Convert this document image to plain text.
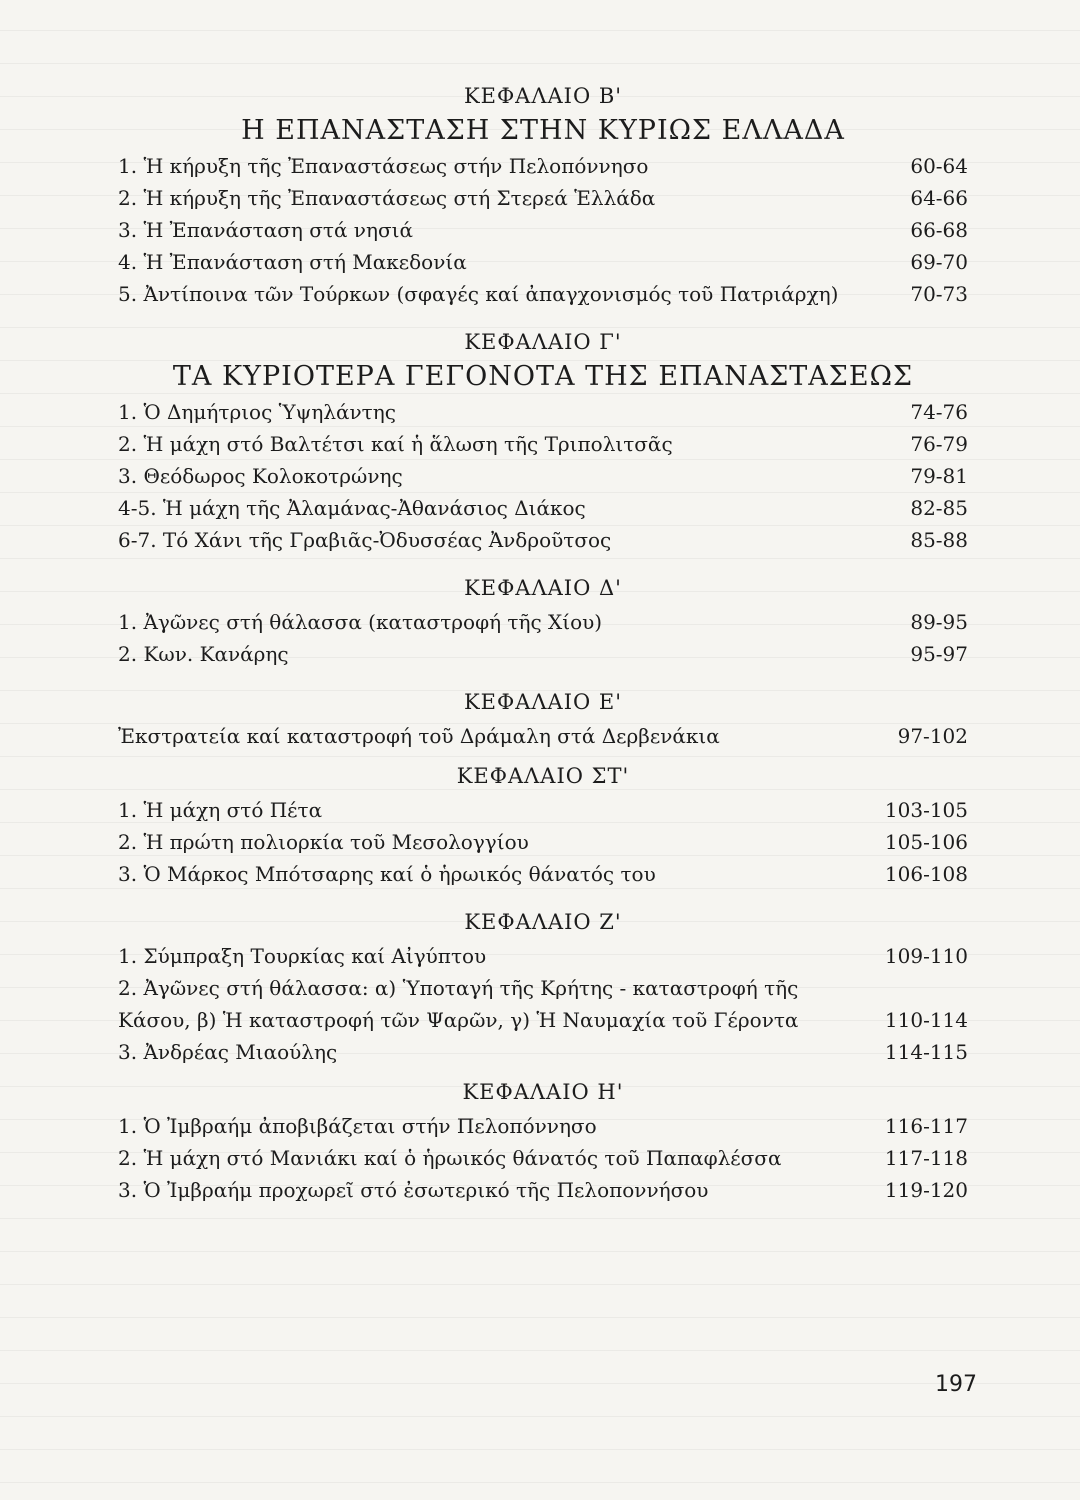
ΚΕΦΑΛΑΙΟ Β'
Η ΕΠΑΝΑΣΤΑΣΗ ΣΤΗΝ ΚΥΡΙΩΣ ΕΛΛΑΔΑ
1. Ἡ κήρυξη τῆς Ἐπαναστάσεως στήν Πελοπόννησο	60-64
2. Ἡ κήρυξη τῆς Ἐπαναστάσεως στή Στερεά Ἑλλάδα	64-66
3. Ἡ Ἐπανάσταση στά νησιά	66-68
4. Ἡ Ἐπανάσταση στή Μακεδονία	69-70
5. Ἀντίποινα τῶν Τούρκων (σφαγές καί ἀπαγχονισμός τοῦ Πατριάρχη)	70-73
ΚΕΦΑΛΑΙΟ Γ'
ΤΑ ΚΥΡΙΟΤΕΡΑ ΓΕΓΟΝΟΤΑ ΤΗΣ ΕΠΑΝΑΣΤΑΣΕΩΣ
1. Ὁ Δημήτριος Ὑψηλάντης	74-76
2. Ἡ μάχη στό Βαλτέτσι καί ἡ ἅλωση τῆς Τριπολιτσᾶς	76-79
3. Θεόδωρος Κολοκοτρώνης	79-81
4-5. Ἡ μάχη τῆς Ἀλαμάνας-Ἀθανάσιος Διάκος	82-85
6-7. Τό Χάνι τῆς Γραβιᾶς-Ὀδυσσέας Ἀνδροῦτσος	85-88
ΚΕΦΑΛΑΙΟ Δ'
1. Ἀγῶνες στή θάλασσα (καταστροφή τῆς Χίου)	89-95
2. Κων. Κανάρης	95-97
ΚΕΦΑΛΑΙΟ Ε'
Ἐκστρατεία καί καταστροφή τοῦ Δράμαλη στά Δερβενάκια	97-102
ΚΕΦΑΛΑΙΟ ΣΤ'
1. Ἡ μάχη στό Πέτα	103-105
2. Ἡ πρώτη πολιορκία τοῦ Μεσολογγίου	105-106
3. Ὁ Μάρκος Μπότσαρης καί ὁ ἡρωικός θάνατός του	106-108
ΚΕΦΑΛΑΙΟ Ζ'
1. Σύμπραξη Τουρκίας καί Αἰγύπτου	109-110
2. Ἀγῶνες στή θάλασσα: α) Ὑποταγή τῆς Κρήτης - καταστροφή τῆς Κάσου, β) Ἡ καταστροφή τῶν Ψαρῶν, γ) Ἡ Ναυμαχία τοῦ Γέροντα	110-114
3. Ἀνδρέας Μιαούλης	114-115
ΚΕΦΑΛΑΙΟ Η'
1. Ὁ Ἰμβραήμ ἀποβιβάζεται στήν Πελοπόννησο	116-117
2. Ἡ μάχη στό Μανιάκι καί ὁ ἡρωικός θάνατός τοῦ Παπαφλέσσα	117-118
3. Ὁ Ἰμβραήμ προχωρεῖ στό ἐσωτερικό τῆς Πελοποννήσου	119-120
197
